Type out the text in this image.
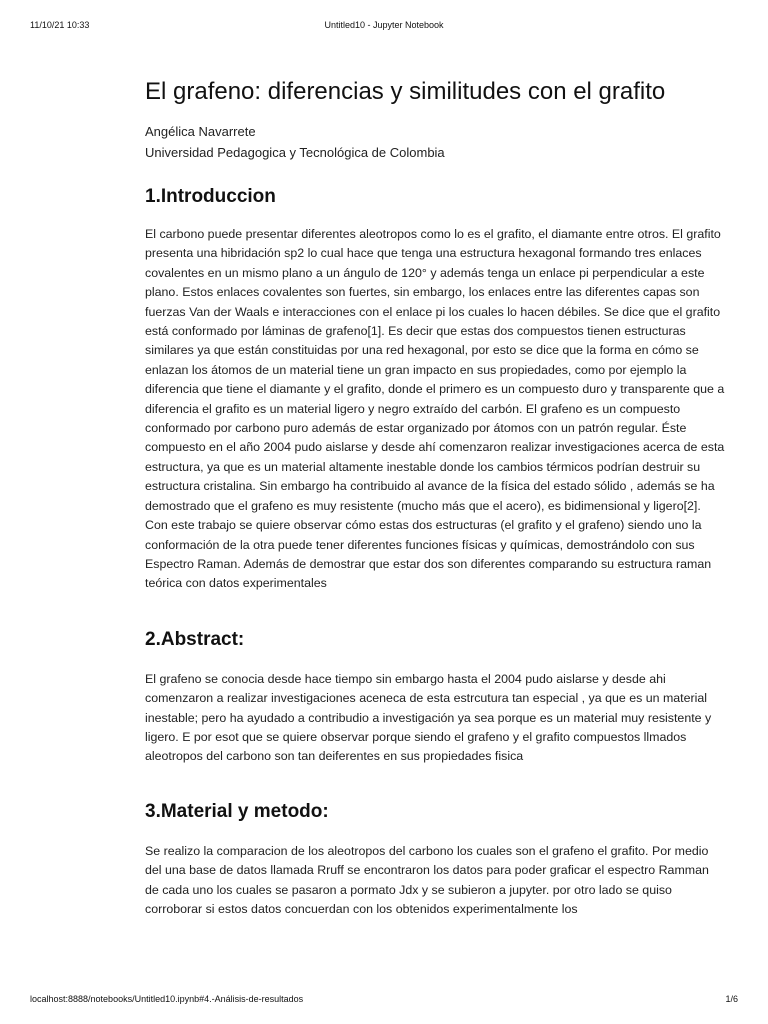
11/10/21 10:33	Untitled10 - Jupyter Notebook
El grafeno: diferencias y similitudes con el grafito
Angélica Navarrete
Universidad Pedagogica y Tecnológica de Colombia
1.Introduccion

El carbono puede presentar diferentes aleotropos como lo es el grafito, el diamante entre otros. El grafito presenta una hibridación sp2 lo cual hace que tenga una estructura hexagonal formando tres enlaces covalentes en un mismo plano a un ángulo de 120° y además tenga un enlace pi perpendicular a este plano. Estos enlaces covalentes son fuertes, sin embargo, los enlaces entre las diferentes capas son fuerzas Van der Waals e interacciones con el enlace pi los cuales lo hacen débiles. Se dice que el grafito está conformado por láminas de grafeno[1]. Es decir que estas dos compuestos tienen estructuras similares ya que están constituidas por una red hexagonal, por esto se dice que la forma en cómo se enlazan los átomos de un material tiene un gran impacto en sus propiedades, como por ejemplo la diferencia que tiene el diamante y el grafito, donde el primero es un compuesto duro y transparente que a diferencia el grafito es un material ligero y negro extraído del carbón. El grafeno es un compuesto conformado por carbono puro además de estar organizado por átomos con un patrón regular. Éste compuesto en el año 2004 pudo aislarse y desde ahí comenzaron realizar investigaciones acerca de esta estructura, ya que es un material altamente inestable donde los cambios térmicos podrían destruir su estructura cristalina. Sin embargo ha contribuido al avance de la física del estado sólido , además se ha demostrado que el grafeno es muy resistente (mucho más que el acero), es bidimensional y ligero[2]. Con este trabajo se quiere observar cómo estas dos estructuras (el grafito y el grafeno) siendo uno la conformación de la otra puede tener diferentes funciones físicas y químicas, demostrándolo con sus Espectro Raman. Además de demostrar que estar dos son diferentes comparando su estructura raman teórica con datos experimentales

2.Abstract:

El grafeno se conocia desde hace tiempo sin embargo hasta el 2004 pudo aislarse y desde ahi comenzaron a realizar investigaciones aceneca de esta estrcutura tan especial , ya que es un material inestable; pero ha ayudado a contribudio a investigación ya sea porque es un material muy resistente y ligero. E por esot que se quiere observar porque siendo el grafeno y el grafito compuestos llmados aleotropos del carbono son tan deiferentes en sus propiedades fisica

3.Material y metodo:

Se realizo la comparacion de los aleotropos del carbono los cuales son el grafeno el grafito. Por medio del una base de datos llamada Rruff se encontraron los datos para poder graficar el espectro Ramman de cada uno los cuales se pasaron a pormato Jdx y se subieron a jupyter. por otro lado se quiso corroborar si estos datos concuerdan con los obtenidos experimentalmente los

localhost:8888/notebooks/Untitled10.ipynb#4.-Análisis-de-resultados	1/6
